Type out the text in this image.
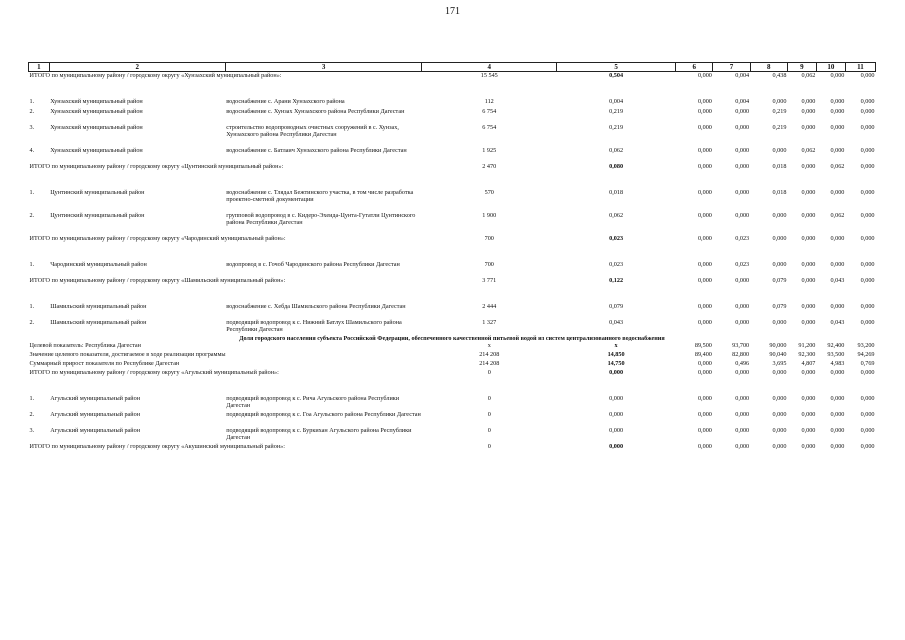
171
1	2	3	4	5	6	7	8	9	10	11
ИТОГО по муниципальному району / городскому округу «Хунзахский муниципальный район»:			15 545	0,504	0,000	0,004	0,438	0,062	0,000	0,000

1.	Хунзахский муниципальный район	водоснабжение с. Арани Хунзахского района	112	0,004	0,000	0,004	0,000	0,000	0,000	0,000
2.	Хунзахский муниципальный район	водоснабжение с. Хунзах Хунзахского района Республики Дагестан	6 754	0,219	0,000	0,000	0,219	0,000	0,000	0,000
3.	Хунзахский муниципальный район	строительство водопроводных очистных сооружений в с. Хунзах, Хунзахского района Республики Дагестан	6 754	0,219	0,000	0,000	0,219	0,000	0,000	0,000
4.	Хунзахский муниципальный район	водоснабжение с. Батлаич Хунзахского района Республики Дагестан	1 925	0,062	0,000	0,000	0,000	0,062	0,000	0,000
ИТОГО по муниципальному району / городскому округу «Цунтинский муниципальный район»:			2 470	0,080	0,000	0,000	0,018	0,000	0,062	0,000

1.	Цунтинский муниципальный район	водоснабжение с. Тлядал Бежтинского участка, в том числе разработка проектно-сметной документации	570	0,018	0,000	0,000	0,018	0,000	0,000	0,000
2.	Цунтинский муниципальный район	групповой водопровод в с. Кидеро-Эхеида-Цунта-Гутатли Цунтинского района Республики Дагестан	1 900	0,062	0,000	0,000	0,000	0,000	0,062	0,000
ИТОГО по муниципальному району / городскому округу «Чародинский муниципальный район»:			700	0,023	0,000	0,023	0,000	0,000	0,000	0,000

1.	Чародинский муниципальный район	водопровод в с. Гочоб Чародинского района Республики Дагестан	700	0,023	0,000	0,023	0,000	0,000	0,000	0,000
ИТОГО по муниципальному району / городскому округу «Шамильский муниципальный район»:			3 771	0,122	0,000	0,000	0,079	0,000	0,043	0,000

1.	Шамильский муниципальный район	водоснабжение с. Хебда Шамильского района Республики Дагестан	2 444	0,079	0,000	0,000	0,079	0,000	0,000	0,000
2.	Шамильский муниципальный район	подводящий водопровод к с. Нижний Батлух Шамильского района Республики Дагестан	1 327	0,043	0,000	0,000	0,000	0,000	0,043	0,000
Доля городского населения субъекта Российской Федерации, обеспеченного качественной питьевой водой из систем централизованного водоснабжения										
Целевой показатель: Республика Дагестан			x	x	89,500	93,700	90,000	91,200	92,400	93,200
Значение целевого показателя, достигаемое в ходе реализации программы			214 208	14,850	89,400	82,800	90,040	92,300	93,500	94,269
Суммарный прирост показателя по Республике Дагестан			214 208	14,750	0,000	0,496	3,695	4,807	4,983	0,769
ИТОГО по муниципальному району / городскому округу «Агульский муниципальный район»:			0	0,000	0,000	0,000	0,000	0,000	0,000	0,000

1.	Агульский муниципальный район	подводящий водопровод к с. Рича Агульского района Республики Дагестан	0	0,000	0,000	0,000	0,000	0,000	0,000	0,000
2.	Агульский муниципальный район	подводящий водопровод к с. Гоа Агульского района Республики Дагестан	0	0,000	0,000	0,000	0,000	0,000	0,000	0,000
3.	Агульский муниципальный район	подводящий водопровод к с. Буркихан Агульского района Республики Дагестан	0	0,000	0,000	0,000	0,000	0,000	0,000	0,000
ИТОГО по муниципальному району / городскому округу «Акушинский муниципальный район»:			0	0,000	0,000	0,000	0,000	0,000	0,000	0,000
